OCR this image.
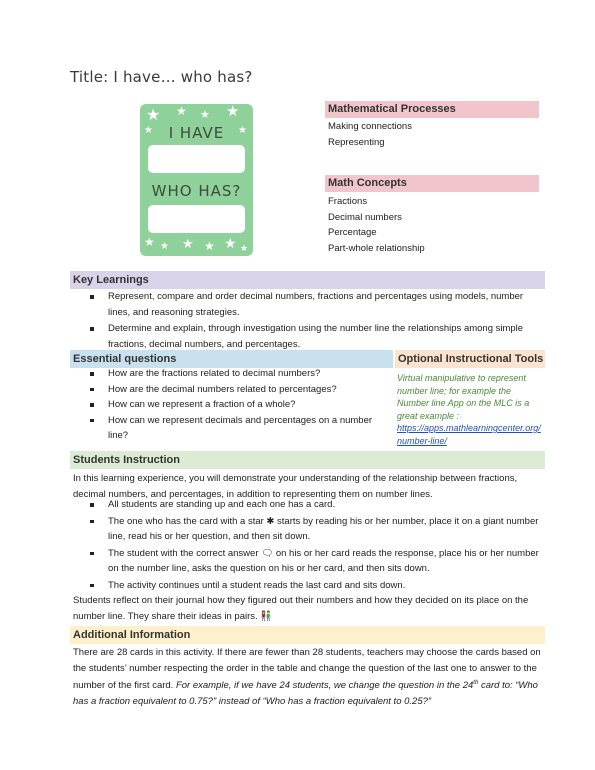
Title: I have… who has?
★ ★ ★ ★
★	★
I HAVE
WHO HAS?
★ ★ ★ ★ ★ ★
Mathematical Processes
Making connections
Representing
Math Concepts
Fractions
Decimal numbers
Percentage
Part-whole relationship
Key Learnings
Represent, compare and order decimal numbers, fractions and percentages using models, number lines, and reasoning strategies.
Determine and explain, through investigation using the number line the relationships among simple fractions, decimal numbers, and percentages.
Essential questions
How are the fractions related to decimal numbers?
How are the decimal numbers related to percentages?
How can we represent a fraction of a whole?
How can we represent decimals and percentages on a number line?
Optional Instructional Tools
Virtual manipulative to represent number line; for example the Number line App on the MLC is a great example :
https://apps.mathlearningcenter.org/number-line/
Students Instruction
In this learning experience, you will demonstrate your understanding of the relationship between fractions, decimal numbers, and percentages, in addition to representing them on number lines.
All students are standing up and each one has a card.
The one who has the card with a star ✱ starts by reading his or her number, place it on a giant number line, read his or her question, and then sit down.
The student with the correct answer 🗨 on his or her card reads the response, place his or her number on the number line, asks the question on his or her card, and then sits down.
The activity continues until a student reads the last card and sits down.
Students reflect on their journal how they figured out their numbers and how they decided on its place on the number line. They share their ideas in pairs. 👫
Additional Information
There are 28 cards in this activity. If there are fewer than 28 students, teachers may choose the cards based on the students’ number respecting the order in the table and change the question of the last one to answer to the number of the first card. For example, if we have 24 students, we change the question in the 24th card to: “Who has a fraction equivalent to 0.75?” instead of “Who has a fraction equivalent to 0.25?”
